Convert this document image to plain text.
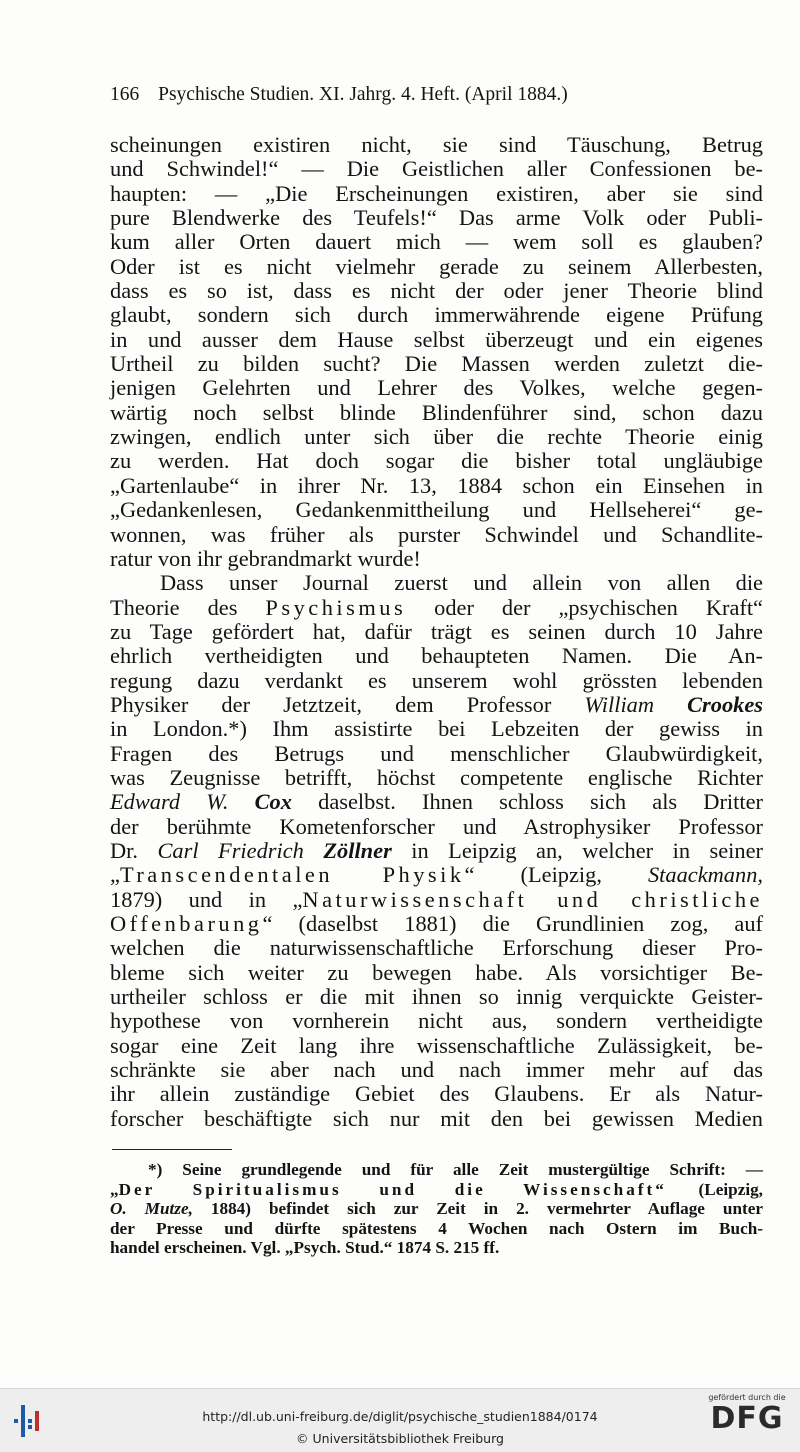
166 Psychische Studien. XI. Jahrg. 4. Heft. (April 1884.)
scheinungen existiren nicht, sie sind Täuschung, Betrug
und Schwindel!“ — Die Geistlichen aller Confessionen be-
haupten: — „Die Erscheinungen existiren, aber sie sind
pure Blendwerke des Teufels!“ Das arme Volk oder Publi-
kum aller Orten dauert mich — wem soll es glauben?
Oder ist es nicht vielmehr gerade zu seinem Allerbesten,
dass es so ist, dass es nicht der oder jener Theorie blind
glaubt, sondern sich durch immerwährende eigene Prüfung
in und ausser dem Hause selbst überzeugt und ein eigenes
Urtheil zu bilden sucht? Die Massen werden zuletzt die-
jenigen Gelehrten und Lehrer des Volkes, welche gegen-
wärtig noch selbst blinde Blindenführer sind, schon dazu
zwingen, endlich unter sich über die rechte Theorie einig
zu werden. Hat doch sogar die bisher total ungläubige
„Gartenlaube“ in ihrer Nr. 13, 1884 schon ein Einsehen in
„Gedankenlesen, Gedankenmittheilung und Hellseherei“ ge-
wonnen, was früher als purster Schwindel und Schandlite-
ratur von ihr gebrandmarkt wurde!
Dass unser Journal zuerst und allein von allen die
Theorie des Psychismus oder der „psychischen Kraft“
zu Tage gefördert hat, dafür trägt es seinen durch 10 Jahre
ehrlich vertheidigten und behaupteten Namen. Die An-
regung dazu verdankt es unserem wohl grössten lebenden
Physiker der Jetztzeit, dem Professor William Crookes
in London.*) Ihm assistirte bei Lebzeiten der gewiss in
Fragen des Betrugs und menschlicher Glaubwürdigkeit,
was Zeugnisse betrifft, höchst competente englische Richter
Edward W. Cox daselbst. Ihnen schloss sich als Dritter
der berühmte Kometenforscher und Astrophysiker Professor
Dr. Carl Friedrich Zöllner in Leipzig an, welcher in seiner
„Transcendentalen Physik“ (Leipzig, Staackmann,
1879) und in „Naturwissenschaft und christliche
Offenbarung“ (daselbst 1881) die Grundlinien zog, auf
welchen die naturwissenschaftliche Erforschung dieser Pro-
bleme sich weiter zu bewegen habe. Als vorsichtiger Be-
urtheiler schloss er die mit ihnen so innig verquickte Geister-
hypothese von vornherein nicht aus, sondern vertheidigte
sogar eine Zeit lang ihre wissenschaftliche Zulässigkeit, be-
schränkte sie aber nach und nach immer mehr auf das
ihr allein zuständige Gebiet des Glaubens. Er als Natur-
forscher beschäftigte sich nur mit den bei gewissen Medien
*) Seine grundlegende und für alle Zeit mustergültige Schrift: —
„Der Spiritualismus und die Wissenschaft“ (Leipzig,
O. Mutze, 1884) befindet sich zur Zeit in 2. vermehrter Auflage unter
der Presse und dürfte spätestens 4 Wochen nach Ostern im Buch-
handel erscheinen. Vgl. „Psych. Stud.“ 1874 S. 215 ff.
http://dl.ub.uni-freiburg.de/diglit/psychische_studien1884/0174
© Universitätsbibliothek Freiburg
gefördert durch die
DFG
